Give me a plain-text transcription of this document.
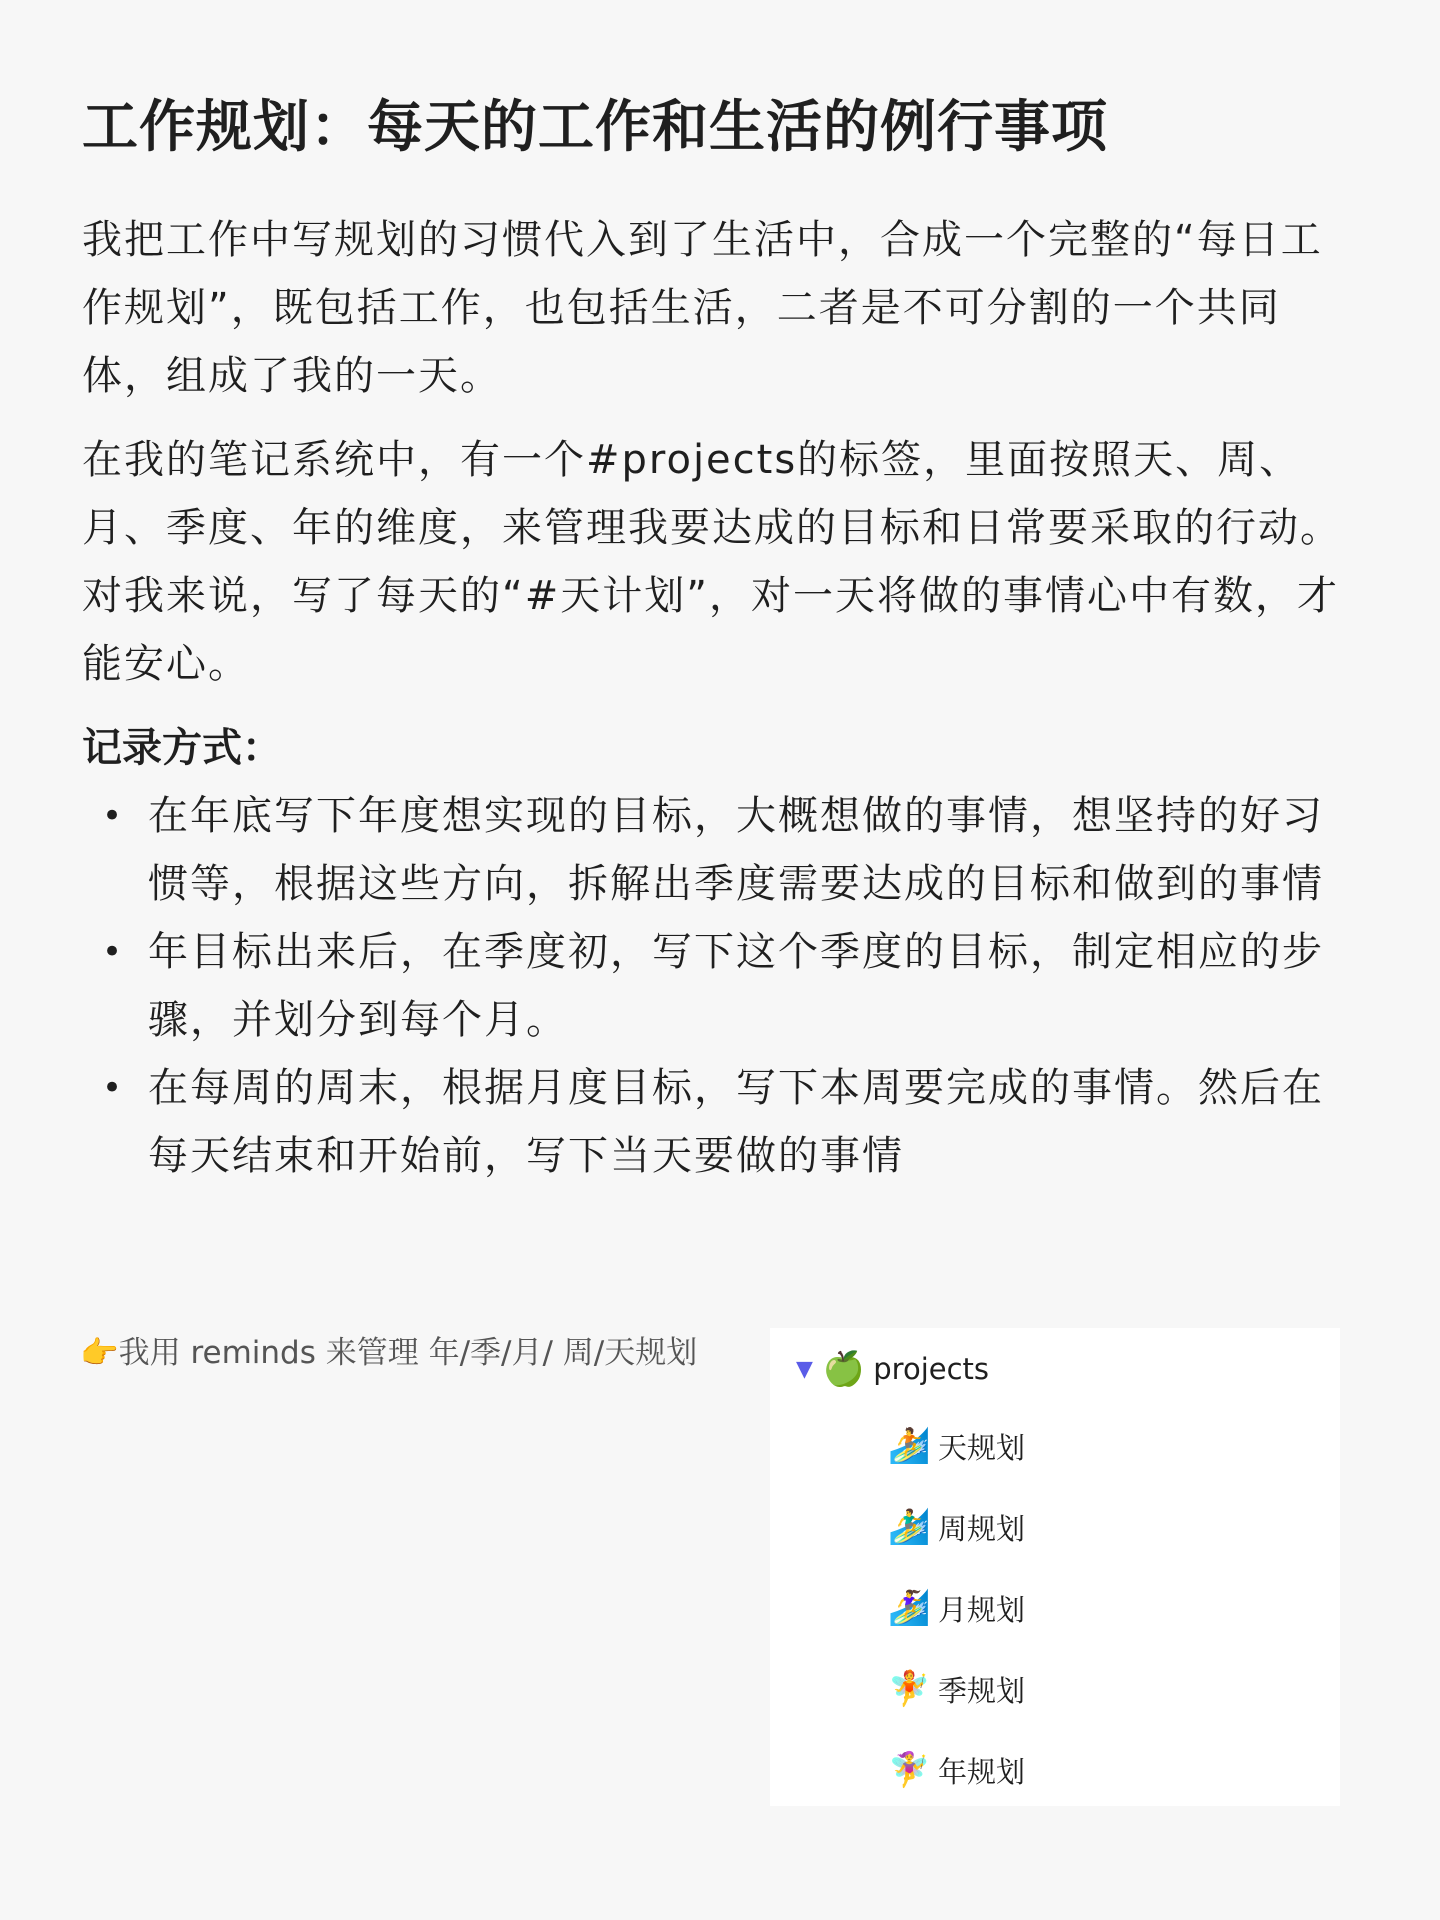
工作规划：每天的工作和生活的例行事项

我把工作中写规划的习惯代入到了生活中，合成一个完整的“每日工作规划”，既包括工作，也包括生活，二者是不可分割的一个共同体，组成了我的一天。

在我的笔记系统中，有一个#projects的标签，里面按照天、周、月、季度、年的维度，来管理我要达成的目标和日常要采取的行动。对我来说，写了每天的“#天计划”，对一天将做的事情心中有数，才能安心。

记录方式：
• 在年底写下年度想实现的目标，大概想做的事情，想坚持的好习惯等，根据这些方向，拆解出季度需要达成的目标和做到的事情
• 年目标出来后，在季度初，写下这个季度的目标，制定相应的步骤，并划分到每个月。
• 在每周的周末，根据月度目标，写下本周要完成的事情。然后在每天结束和开始前，写下当天要做的事情
👉我用 reminds 来管理 年/季/月/ 周/天规划	▼ 🍏 projects
🏄 天规划
🏄‍♂️ 周规划
🏄‍♀️ 月规划
🧚 季规划
🧚‍♀️ 年规划
